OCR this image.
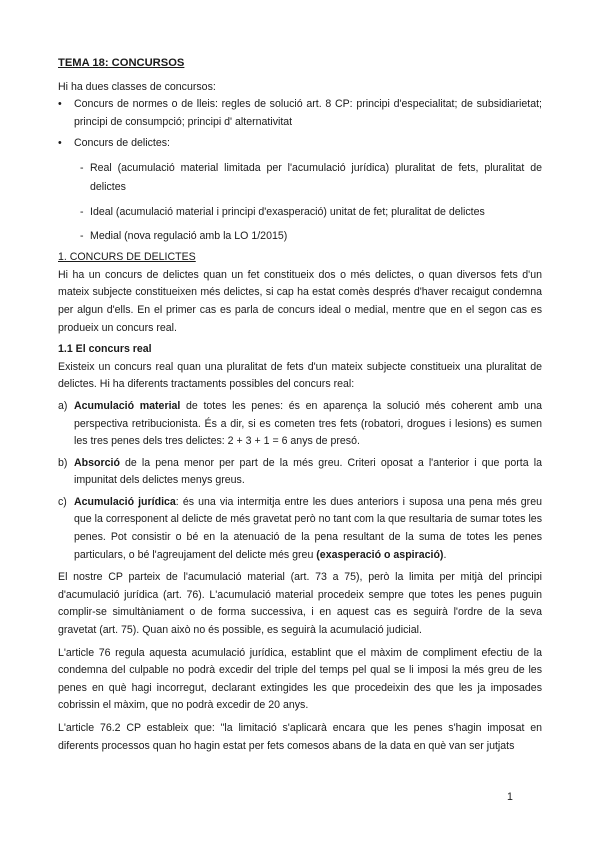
TEMA 18: CONCURSOS

Hi ha dues classes de concursos:

• Concurs de normes o de lleis: regles de solució art. 8 CP: principi d'especialitat; de subsidiarietat; principi de consumpció; principi d' alternativitat
• Concurs de delictes:
- Real (acumulació material limitada per l'acumulació jurídica) pluralitat de fets, pluralitat de delictes
- Ideal (acumulació material i principi d'exasperació) unitat de fet; pluralitat de delictes
- Medial (nova regulació amb la LO 1/2015)

1. CONCURS DE DELICTES

Hi ha un concurs de delictes quan un fet constitueix dos o més delictes, o quan diversos fets d'un mateix subjecte constitueixen més delictes, si cap ha estat comès després d'haver recaigut condemna per algun d'ells. En el primer cas es parla de concurs ideal o medial, mentre que en el segon cas es produeix un concurs real.

1.1 El concurs real

Existeix un concurs real quan una pluralitat de fets d'un mateix subjecte constitueix una pluralitat de delictes. Hi ha diferents tractaments possibles del concurs real:

a) Acumulació material de totes les penes: és en aparença la solució més coherent amb una perspectiva retribucionista. És a dir, si es cometen tres fets (robatori, drogues i lesions) es sumen les tres penes dels tres delictes: 2 + 3 + 1 = 6 anys de presó.
b) Absorció de la pena menor per part de la més greu. Criteri oposat a l'anterior i que porta la impunitat dels delictes menys greus.
c) Acumulació jurídica: és una via intermitja entre les dues anteriors i suposa una pena més greu que la corresponent al delicte de més gravetat però no tant com la que resultaria de sumar totes les penes. Pot consistir o bé en la atenuació de la pena resultant de la suma de totes les penes particulars, o bé l'agreujament del delicte més greu (exasperació o aspiració).

El nostre CP parteix de l'acumulació material (art. 73 a 75), però la limita per mitjà del principi d'acumulació jurídica (art. 76). L'acumulació material procedeix sempre que totes les penes puguin complir-se simultàniament o de forma successiva, i en aquest cas es seguirà l'ordre de la seva gravetat (art. 75). Quan això no és possible, es seguirà la acumulació judicial.

L'article 76 regula aquesta acumulació jurídica, establint que el màxim de compliment efectiu de la condemna del culpable no podrà excedir del triple del temps pel qual se li imposi la més greu de les penes en què hagi incorregut, declarant extingides les que procedeixin des que les ja imposades cobrissin el màxim, que no podrà excedir de 20 anys.

L'article 76.2 CP estableix que: "la limitació s'aplicarà encara que les penes s'hagin imposat en diferents processos quan ho hagin estat per fets comesos abans de la data en què van ser jutjats

1
